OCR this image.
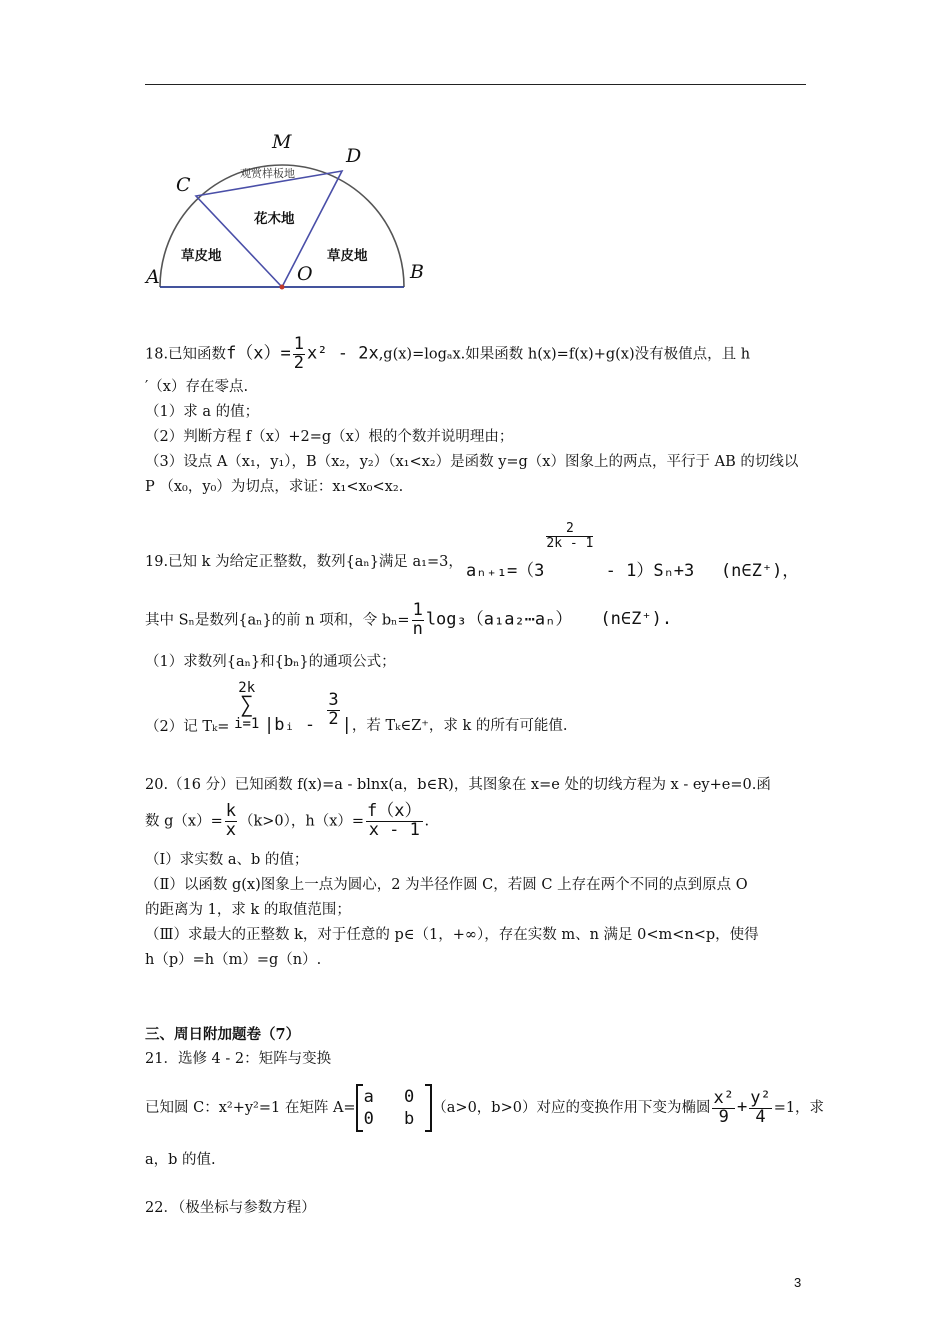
M
D
C
A	O	B
观赏样板地
花木地
草皮地	草皮地
18.已知函数$f(x)= \frac{1}{2} x^2 - 2x,g(x)=\log_ax$.如果函数 h(x)=f(x)+g(x)没有极值点，且 h
′（x）存在零点.
（1）求 a 的值；
（2）判断方程 f（x）+2=g（x）根的个数并说明理由；
（3）设点 A（x₁，y₁），B（x₂，y₂）（x₁<x₂）是函数 y=g（x）图象上的两点，平行于 AB 的切线以
P （x₀，y₀）为切点，求证：x₁<x₀<x₂.
19.已知 k 为给定正整数，数列{aₙ}满足 a₁=3， aₙ₊₁=（3
$\frac{2}{2k - 1}$
- 1）Sₙ+3 (n∈Z⁺)，
其中 Sₙ是数列{aₙ}的前 n 项和，令 $b_n= \frac{1}{n}$ log₃（a₁a₂⋯aₙ） (n∈Z⁺).
（1）求数列{aₙ}和{bₙ}的通项公式；
（2）记 Tₖ=
2k
∑
i=1 |bᵢ - $\frac{3}{2}$ |，若 Tₖ∈Z⁺，求 k 的所有可能值.
20.（16 分）已知函数 f(x)=a - blnx(a，b∈R)，其图象在 x=e 处的切线方程为 x - ey+e=0.函
数 $g(x)= \frac{k}{x} (k>0)$，$h(x)= \frac{f(x)}{x - 1}$ .
（Ⅰ）求实数 a、b 的值；
（Ⅱ）以函数 g(x)图象上一点为圆心，2 为半径作圆 C，若圆 C 上存在两个不同的点到原点 O
的距离为 1，求 k 的取值范围；
（Ⅲ）求最大的正整数 k，对于任意的 p∈（1，+∞），存在实数 m、n 满足 0<m<n<p，使得
h（p）=h（m）=g（n）.
三、周日附加题卷（7）
21．选修 4 - 2：矩阵与变换
已知圆 C：x²+y²=1 在矩阵 A=
a 0
0 b
（a>0，b>0）对应的变换作用下变为椭圆 $\frac{\text{x²}}{9} + \frac{\text{y²}}{4} =1$，求
a，b 的值.
22．（极坐标与参数方程）
3
